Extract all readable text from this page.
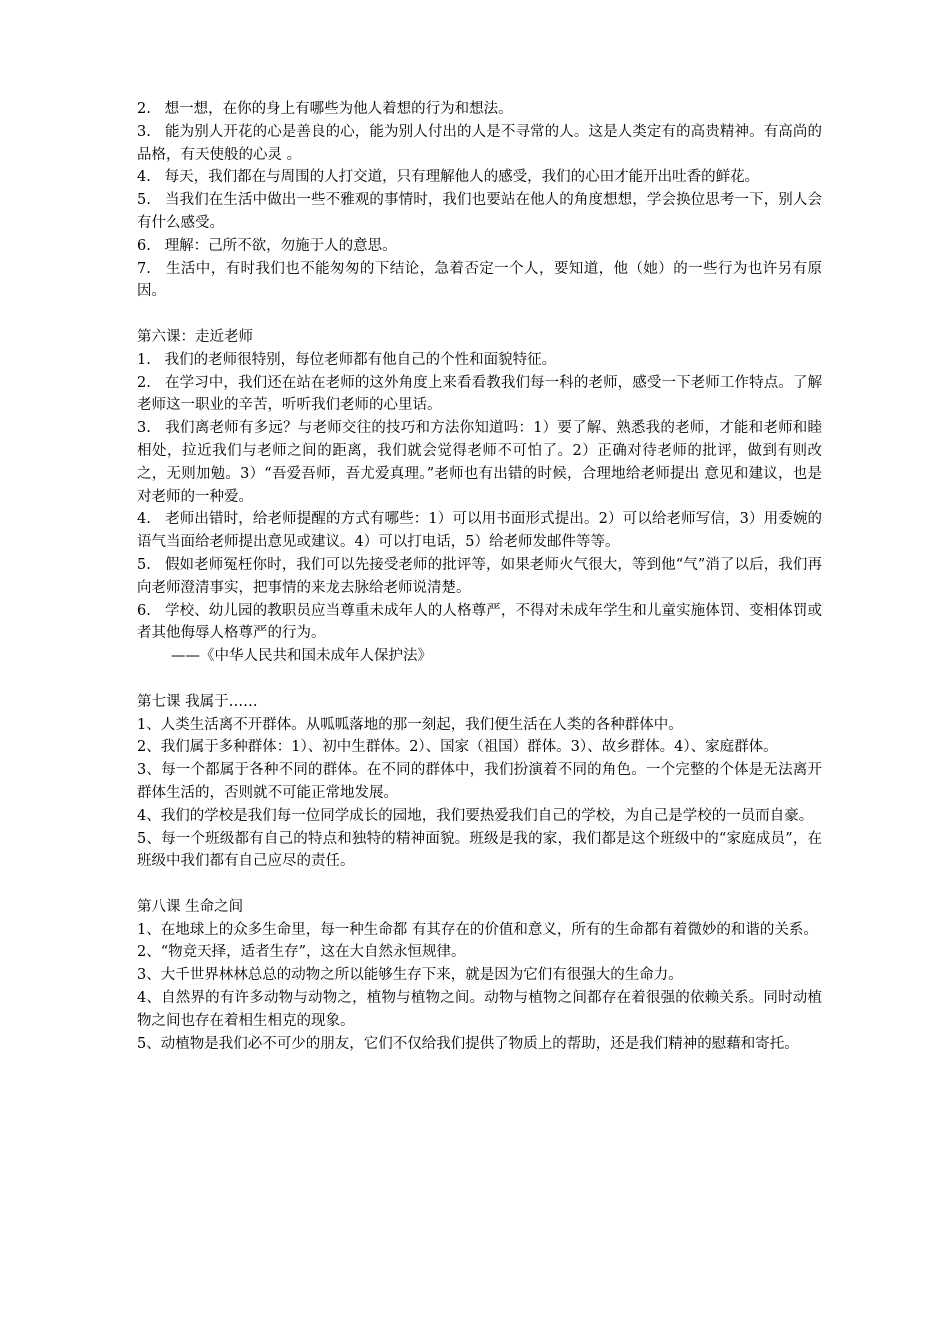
2. 想一想，在你的身上有哪些为他人着想的行为和想法。
3. 能为别人开花的心是善良的心，能为别人付出的人是不寻常的人。这是人类定有的高贵精神。有高尚的品格，有天使般的心灵 。
4. 每天，我们都在与周围的人打交道，只有理解他人的感受，我们的心田才能开出吐香的鲜花。
5. 当我们在生活中做出一些不雅观的事情时，我们也要站在他人的角度想想，学会换位思考一下，别人会有什么感受。
6. 理解：己所不欲，勿施于人的意思。
7. 生活中，有时我们也不能匆匆的下结论，急着否定一个人，要知道，他（她）的一些行为也许另有原因。
第六课：走近老师
1. 我们的老师很特别，每位老师都有他自己的个性和面貌特征。
2. 在学习中，我们还在站在老师的这外角度上来看看教我们每一科的老师，感受一下老师工作特点。了解老师这一职业的辛苦，听听我们老师的心里话。
3. 我们离老师有多远？与老师交往的技巧和方法你知道吗：1）要了解、熟悉我的老师，才能和老师和睦相处，拉近我们与老师之间的距离，我们就会觉得老师不可怕了。2）正确对待老师的批评，做到有则改之，无则加勉。3）“吾爱吾师，吾尤爱真理。”老师也有出错的时候，合理地给老师提出 意见和建议，也是对老师的一种爱。
4. 老师出错时，给老师提醒的方式有哪些：1）可以用书面形式提出。2）可以给老师写信，3）用委婉的语气当面给老师提出意见或建议。4）可以打电话，5）给老师发邮件等等。
5. 假如老师冤枉你时，我们可以先接受老师的批评等，如果老师火气很大，等到他“气”消了以后，我们再向老师澄清事实，把事情的来龙去脉给老师说清楚。
6. 学校、幼儿园的教职员应当尊重未成年人的人格尊严，不得对未成年学生和儿童实施体罚、变相体罚或者其他侮辱人格尊严的行为。
——《中华人民共和国未成年人保护法》
第七课 我属于……
1、人类生活离不开群体。从呱呱落地的那一刻起，我们便生活在人类的各种群体中。
2、我们属于多种群体：1）、初中生群体。2）、国家（祖国）群体。3）、故乡群体。4）、家庭群体。
3、每一个都属于各种不同的群体。在不同的群体中，我们扮演着不同的角色。一个完整的个体是无法离开群体生活的，否则就不可能正常地发展。
4、我们的学校是我们每一位同学成长的园地，我们要热爱我们自己的学校，为自己是学校的一员而自豪。
5、每一个班级都有自己的特点和独特的精神面貌。班级是我的家，我们都是这个班级中的“家庭成员”，在班级中我们都有自己应尽的责任。
第八课 生命之间
1、在地球上的众多生命里，每一种生命都 有其存在的价值和意义，所有的生命都有着微妙的和谐的关系。
2、“物竞天择，适者生存”，这在大自然永恒规律。
3、大千世界林林总总的动物之所以能够生存下来，就是因为它们有很强大的生命力。
4、自然界的有许多动物与动物之，植物与植物之间。动物与植物之间都存在着很强的依赖关系。同时动植物之间也存在着相生相克的现象。
5、动植物是我们必不可少的朋友，它们不仅给我们提供了物质上的帮助，还是我们精神的慰藉和寄托。
